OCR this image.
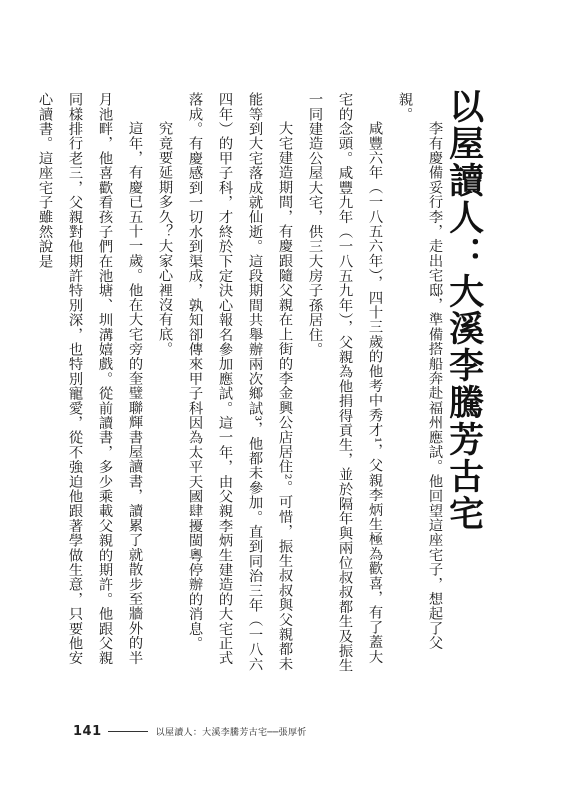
以屋讀人：大溪李騰芳古宅

李有慶備妥行李，走出宅邸，準備搭船奔赴福州應試。他回望這座宅子，想起了父親。

咸豐六年（一八五六年），四十三歲的他考中秀才¹，父親李炳生極為歡喜，有了蓋大宅的念頭。咸豐九年（一八五九年），父親為他捐得貢生，並於隔年與兩位叔叔都生及振生一同建造公屋大宅，供三大房子孫居住。

大宅建造期間，有慶跟隨父親在上街的李金興公店居住²。可惜，振生叔叔與父親都未能等到大宅落成就仙逝。這段期間共舉辦兩次鄉試³，他都未參加。直到同治三年（一八六四年）的甲子科，才終於下定決心報名參加應試。這一年，由父親李炳生建造的大宅正式落成。有慶感到一切水到渠成，孰知卻傳來甲子科因為太平天國肆擾閩粵停辦的消息。

究竟要延期多久？大家心裡沒有底。

這年，有慶已五十一歲。他在大宅旁的奎璧聯輝書屋讀書，讀累了就散步至牆外的半月池畔，他喜歡看孩子們在池塘、圳溝嬉戲。從前讀書，多少乘載父親的期許。他跟父親同樣排行老三，父親對他期許特別深，也特別寵愛，從不強迫他跟著學做生意，只要他安心讀書。這座宅子雖然說是

141	以屋讀人：大溪李騰芳古宅──張厚忻
